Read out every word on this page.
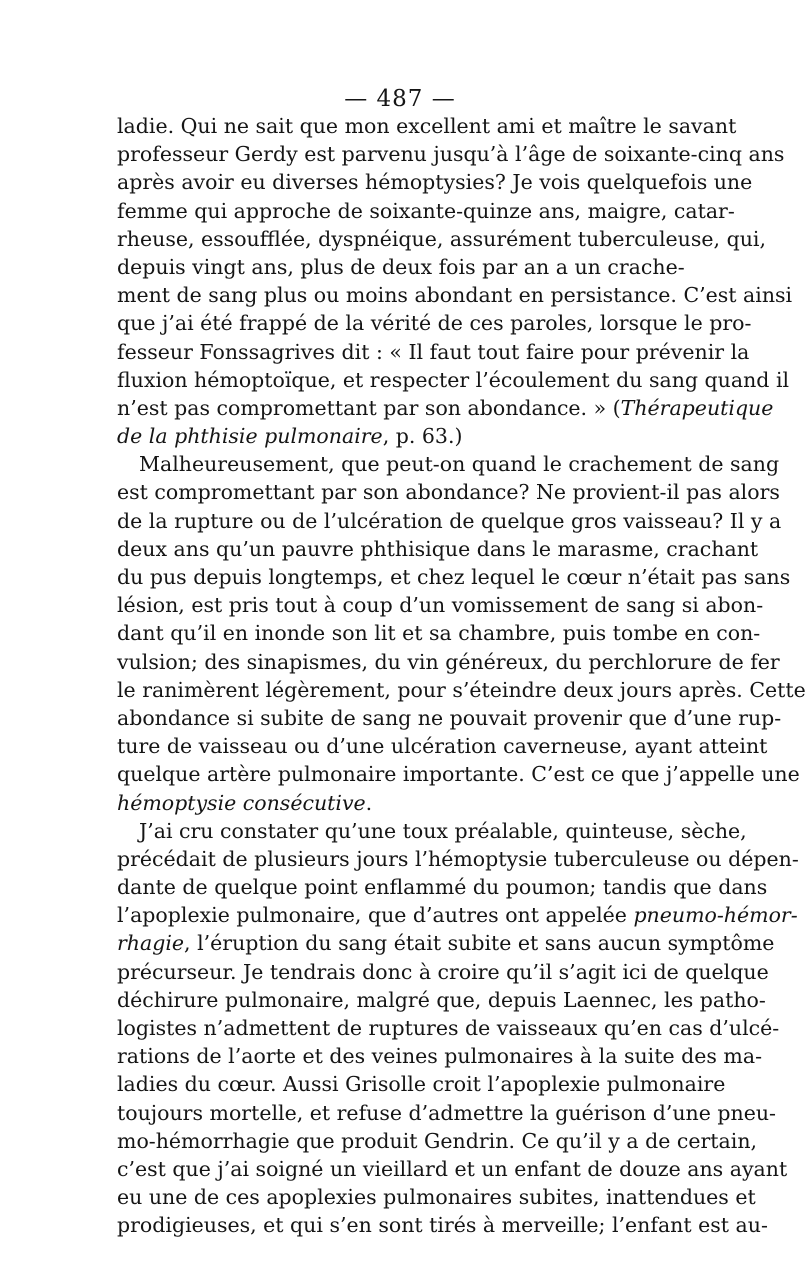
— 487 —
ladie. Qui ne sait que mon excellent ami et maître le savant
professeur Gerdy est parvenu jusqu’à l’âge de soixante-cinq ans
après avoir eu diverses hémoptysies? Je vois quelquefois une
femme qui approche de soixante-quinze ans, maigre, catar-
rheuse, essoufflée, dyspnéique, assurément tuberculeuse, qui,
depuis vingt ans, plus de deux fois par an a un crache-
ment de sang plus ou moins abondant en persistance. C’est ainsi
que j’ai été frappé de la vérité de ces paroles, lorsque le pro-
fesseur Fonssagrives dit : « Il faut tout faire pour prévenir la
fluxion hémoptoïque, et respecter l’écoulement du sang quand il
n’est pas compromettant par son abondance. » (Thérapeutique
de la phthisie pulmonaire, p. 63.)
Malheureusement, que peut-on quand le crachement de sang
est compromettant par son abondance? Ne provient-il pas alors
de la rupture ou de l’ulcération de quelque gros vaisseau? Il y a
deux ans qu’un pauvre phthisique dans le marasme, crachant
du pus depuis longtemps, et chez lequel le cœur n’était pas sans
lésion, est pris tout à coup d’un vomissement de sang si abon-
dant qu’il en inonde son lit et sa chambre, puis tombe en con-
vulsion; des sinapismes, du vin généreux, du perchlorure de fer
le ranimèrent légèrement, pour s’éteindre deux jours après. Cette
abondance si subite de sang ne pouvait provenir que d’une rup-
ture de vaisseau ou d’une ulcération caverneuse, ayant atteint
quelque artère pulmonaire importante. C’est ce que j’appelle une
hémoptysie consécutive.
J’ai cru constater qu’une toux préalable, quinteuse, sèche,
précédait de plusieurs jours l’hémoptysie tuberculeuse ou dépen-
dante de quelque point enflammé du poumon; tandis que dans
l’apoplexie pulmonaire, que d’autres ont appelée pneumo-hémor-
rhagie, l’éruption du sang était subite et sans aucun symptôme
précurseur. Je tendrais donc à croire qu’il s’agit ici de quelque
déchirure pulmonaire, malgré que, depuis Laennec, les patho-
logistes n’admettent de ruptures de vaisseaux qu’en cas d’ulcé-
rations de l’aorte et des veines pulmonaires à la suite des ma-
ladies du cœur. Aussi Grisolle croit l’apoplexie pulmonaire
toujours mortelle, et refuse d’admettre la guérison d’une pneu-
mo-hémorrhagie que produit Gendrin. Ce qu’il y a de certain,
c’est que j’ai soigné un vieillard et un enfant de douze ans ayant
eu une de ces apoplexies pulmonaires subites, inattendues et
prodigieuses, et qui s’en sont tirés à merveille; l’enfant est au-
